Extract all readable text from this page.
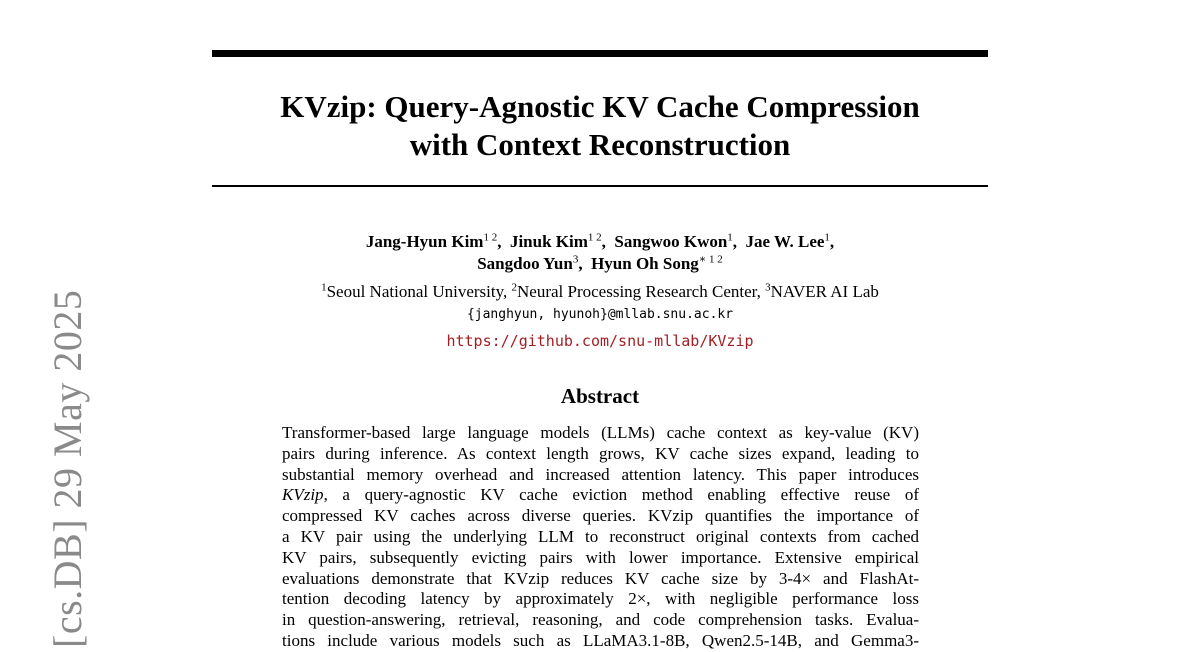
KVzip: Query-Agnostic KV Cache Compression
with Context Reconstruction
Jang-Hyun Kim$^{1 2}$, Jinuk Kim$^{1 2}$, Sangwoo Kwon$^1$, Jae W. Lee$^1$,
Sangdoo Yun$^3$, Hyun Oh Song$^{∗ 1 2}$
$^1$Seoul National University, $^2$Neural Processing Research Center, $^3$NAVER AI Lab
{janghyun, hyunoh}@mllab.snu.ac.kr
https://github.com/snu-mllab/KVzip
Abstract
Transformer-based large language models (LLMs) cache context as key-value (KV)
pairs during inference. As context length grows, KV cache sizes expand, leading to
substantial memory overhead and increased attention latency. This paper introduces
KVzip, a query-agnostic KV cache eviction method enabling effective reuse of
compressed KV caches across diverse queries. KVzip quantifies the importance of
a KV pair using the underlying LLM to reconstruct original contexts from cached
KV pairs, subsequently evicting pairs with lower importance. Extensive empirical
evaluations demonstrate that KVzip reduces KV cache size by 3-4× and FlashAt-
tention decoding latency by approximately 2×, with negligible performance loss
in question-answering, retrieval, reasoning, and code comprehension tasks. Evalua-
tions include various models such as LLaMA3.1-8B, Qwen2.5-14B, and Gemma3-
[cs.DB] 29 May 2025
